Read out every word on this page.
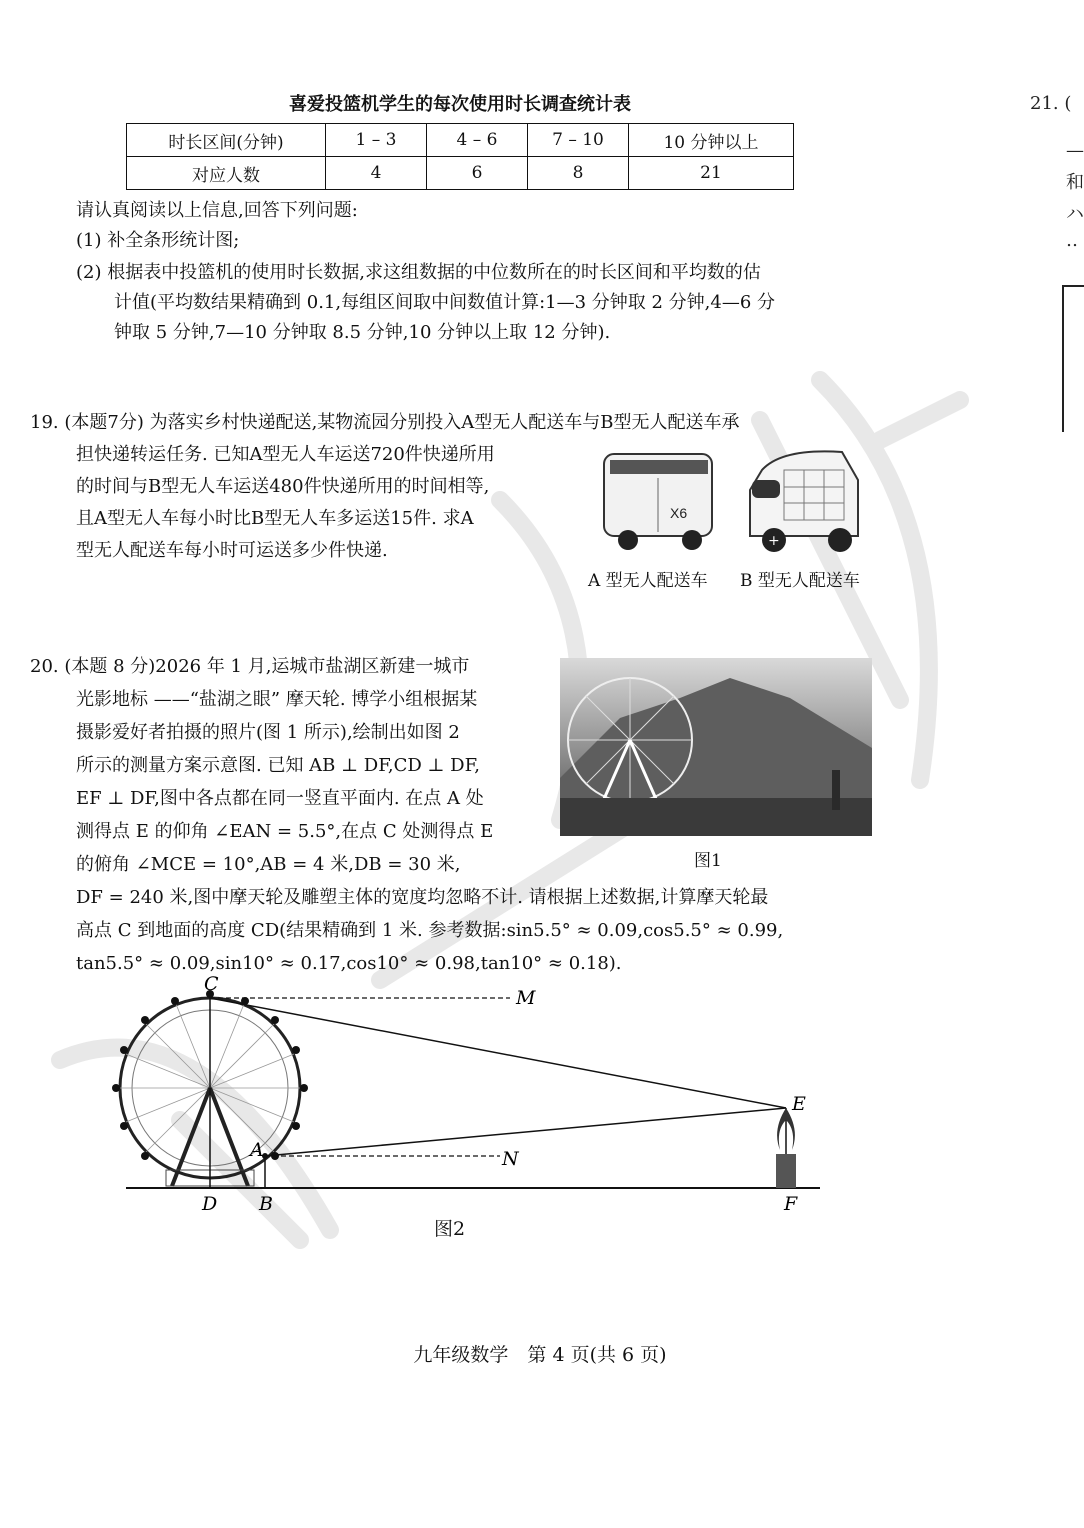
21. (
—
和
ハ
‥
喜爱投篮机学生的每次使用时长调查统计表
时长区间(分钟)	1 – 3	4 – 6	7 – 10	10 分钟以上
对应人数	4	6	8	21
请认真阅读以上信息,回答下列问题:
(1) 补全条形统计图;
(2) 根据表中投篮机的使用时长数据,求这组数据的中位数所在的时长区间和平均数的估
计值(平均数结果精确到 0.1,每组区间取中间数值计算:1—3 分钟取 2 分钟,4—6 分
钟取 5 分钟,7—10 分钟取 8.5 分钟,10 分钟以上取 12 分钟).
19. (本题7分) 为落实乡村快递配送,某物流园分别投入A型无人配送车与B型无人配送车承
担快递转运任务. 已知A型无人车运送720件快递所用
的时间与B型无人车运送480件快递所用的时间相等,
且A型无人车每小时比B型无人车多运送15件. 求A
型无人配送车每小时可运送多少件快递.
X6
+
A 型无人配送车 B 型无人配送车
20. (本题 8 分)2026 年 1 月,运城市盐湖区新建一城市
光影地标 ——“盐湖之眼” 摩天轮. 博学小组根据某
摄影爱好者拍摄的照片(图 1 所示),绘制出如图 2
所示的测量方案示意图. 已知 AB ⊥ DF,CD ⊥ DF,
EF ⊥ DF,图中各点都在同一竖直平面内. 在点 A 处
测得点 E 的仰角 ∠EAN = 5.5°,在点 C 处测得点 E
的俯角 ∠MCE = 10°,AB = 4 米,DB = 30 米,
DF = 240 米,图中摩天轮及雕塑主体的宽度均忽略不计. 请根据上述数据,计算摩天轮最
高点 C 到地面的高度 CD(结果精确到 1 米. 参考数据:sin5.5° ≈ 0.09,cos5.5° ≈ 0.99,
tan5.5° ≈ 0.09,sin10° ≈ 0.17,cos10° ≈ 0.98,tan10° ≈ 0.18).
图1
C
M
E
A	N
D B	F
图2
九年级数学　第 4 页(共 6 页)
